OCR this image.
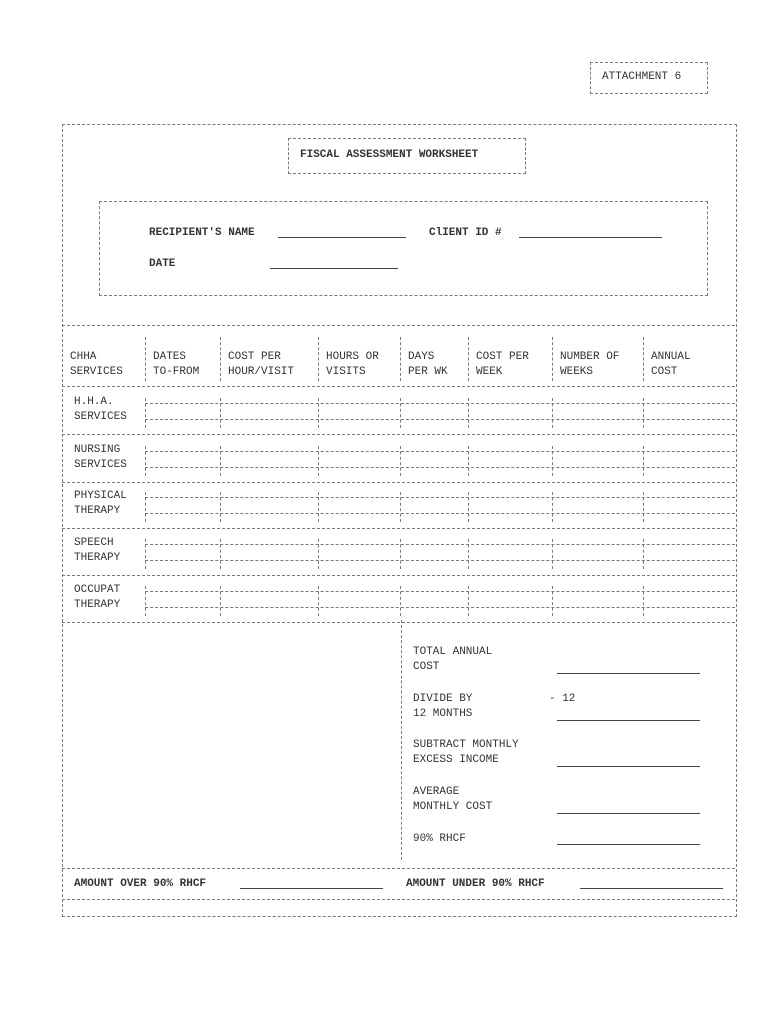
ATTACHMENT 6
FISCAL ASSESSMENT WORKSHEET
RECIPIENT'S NAME	ClIENT ID #
DATE
CHHA
SERVICES
DATES
TO-FROM
COST PER
HOUR/VISIT
HOURS OR
VISITS
DAYS
PER WK
COST PER
WEEK
NUMBER OF
WEEKS
ANNUAL
COST
H.H.A.
SERVICES
NURSING
SERVICES
PHYSICAL
THERAPY
SPEECH
THERAPY
OCCUPAT
THERAPY
TOTAL ANNUAL
COST
DIVIDE BY
12 MONTHS
SUBTRACT MONTHLY
EXCESS INCOME
AVERAGE
MONTHLY COST
90% RHCF
- 12
AMOUNT OVER 90% RHCF	AMOUNT UNDER 90% RHCF
